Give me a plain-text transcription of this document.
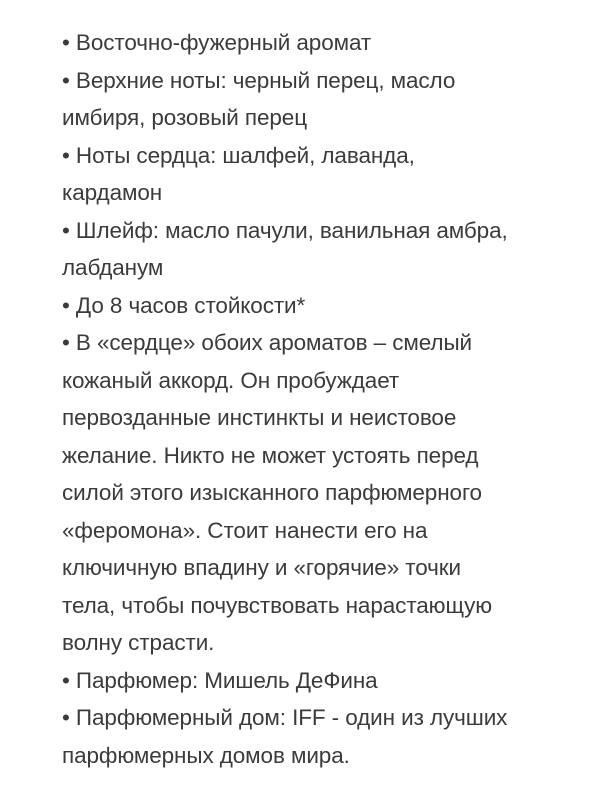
• Восточно-фужерный аромат
• Верхние ноты: черный перец, масло
имбиря, розовый перец
• Ноты сердца: шалфей, лаванда,
кардамон
• Шлейф: масло пачули, ванильная амбра,
лабданум
• До 8 часов стойкости*
• В «сердце» обоих ароматов – смелый
кожаный аккорд. Он пробуждает
первозданные инстинкты и неистовое
желание. Никто не может устоять перед
силой этого изысканного парфюмерного
«феромона». Стоит нанести его на
ключичную впадину и «горячие» точки
тела, чтобы почувствовать нарастающую
волну страсти.
• Парфюмер: Мишель ДеФина
• Парфюмерный дом: IFF - один из лучших
парфюмерных домов мира.
